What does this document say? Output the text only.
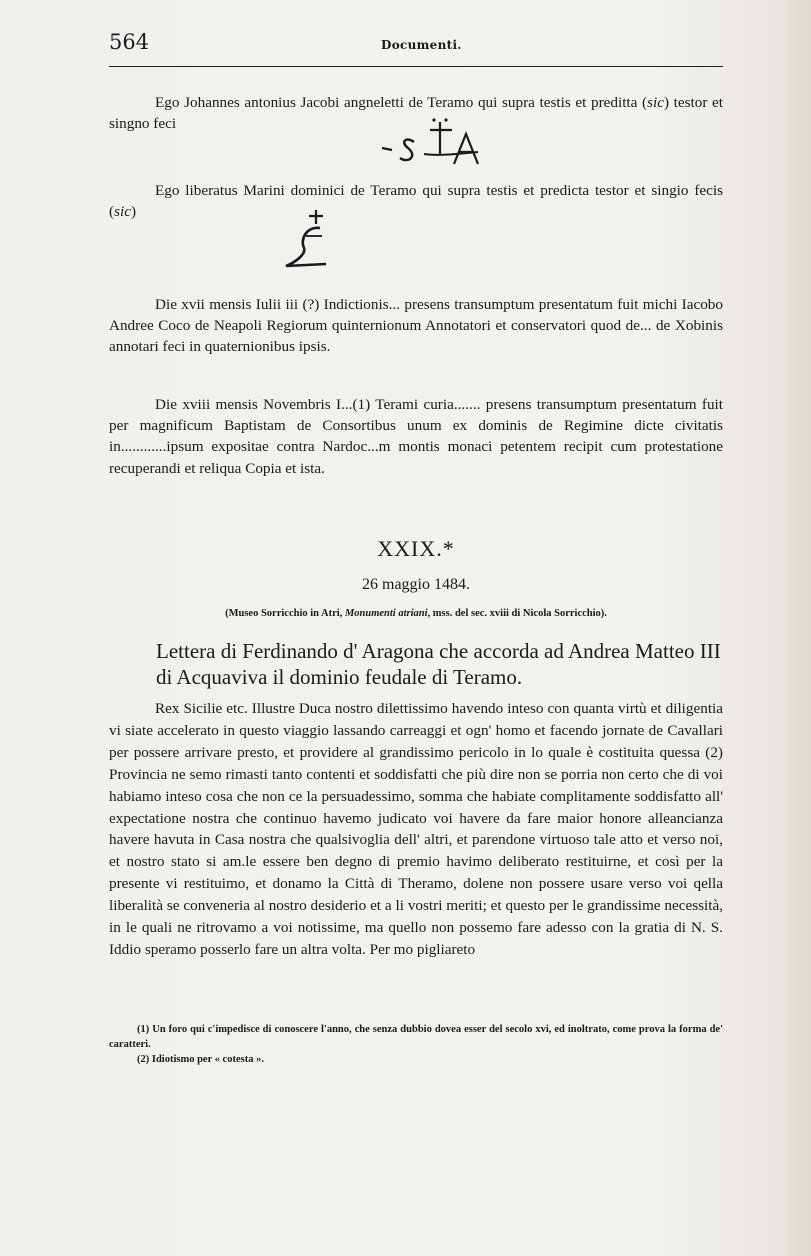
564	Documenti.
Ego Johannes antonius Jacobi angneletti de Teramo qui supra testis et preditta (sic) testor et singno feci
Ego liberatus Marini dominici de Teramo qui supra testis et predicta testor et singio fecis (sic)
Die xvii mensis Iulii iii (?) Indictionis... presens transumptum presentatum fuit michi Iacobo Andree Coco de Neapoli Regiorum quinternionum Annotatori et conservatori quod de... de Xobinis annotari feci in quaternionibus ipsis.
Die xviii mensis Novembris I...(1) Terami curia....... presens transumptum presentatum fuit per magnificum Baptistam de Consortibus unum ex dominis de Regimine dicte civitatis in............ipsum expositae contra Nardoc...m montis monaci petentem recipit cum protestatione recuperandi et reliqua Copia et ista.
XXIX.*
26 maggio 1484.
(Museo Sorricchio in Atri, Monumenti atriani, mss. del sec. xviii di Nicola Sorricchio).
Lettera di Ferdinando d' Aragona che accorda ad Andrea Matteo III di Acquaviva il dominio feudale di Teramo.
Rex Sicilie etc. Illustre Duca nostro dilettissimo havendo inteso con quanta virtù et diligentia vi siate accelerato in questo viaggio lassando carreaggi et ogn' homo et facendo jornate de Cavallari per possere arrivare presto, et providere al grandissimo pericolo in lo quale è costituita quessa (2) Provincia ne semo rimasti tanto contenti et soddisfatti che più dire non se porria non certo che di voi habiamo inteso cosa che non ce la persuadessimo, somma che habiate complitamente soddisfatto all' expectatione nostra che continuo havemo judicato voi havere da fare maior honore alleancianza havere havuta in Casa nostra che qualsivoglia dell' altri, et parendone virtuoso tale atto et verso noi, et nostro stato si am.le essere ben degno di premio havimo deliberato restituirne, et così per la presente vi restituimo, et donamo la Città di Theramo, dolene non possere usare verso voi qella liberalità se conveneria al nostro desiderio et a li vostri meriti; et questo per le grandissime necessità, in le quali ne ritrovamo a voi notissime, ma quello non possemo fare adesso con la gratia di N. S. Iddio speramo posserlo fare un altra volta. Per mo pigliareto

(1) Un foro qui c'impedisce di conoscere l'anno, che senza dubbio dovea esser del secolo xvi, ed inoltrato, come prova la forma de' caratteri.

(2) Idiotismo per « cotesta ».
